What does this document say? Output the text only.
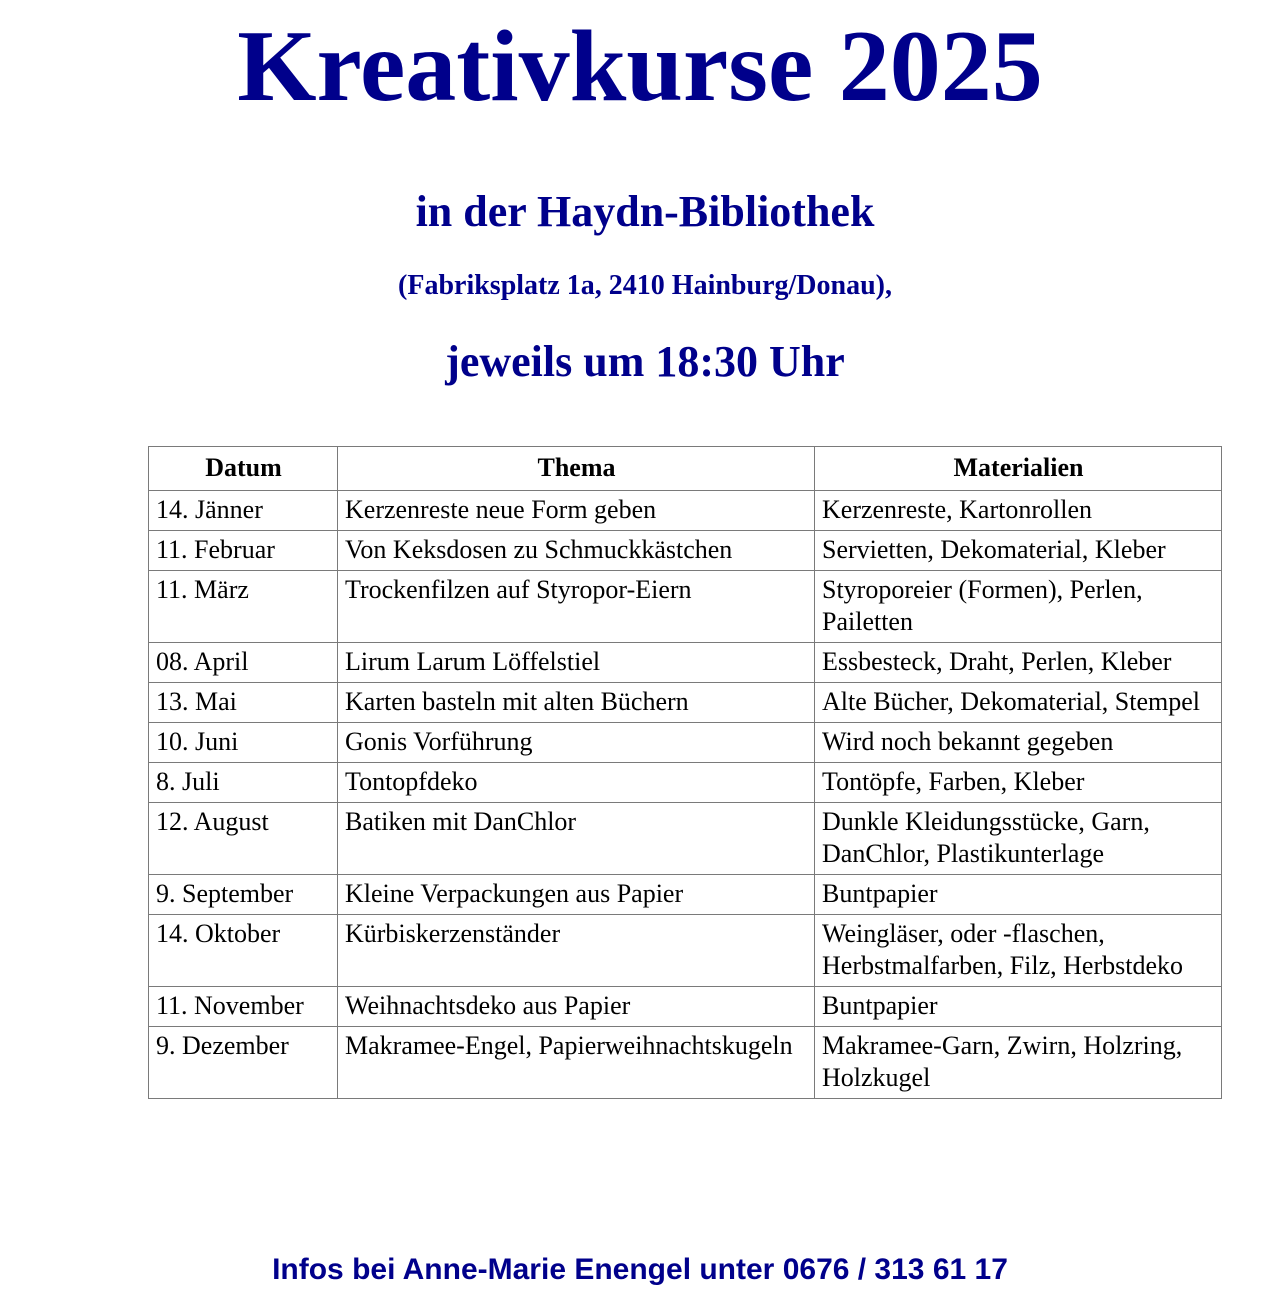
Kreativkurse 2025

in der Haydn-Bibliothek

(Fabriksplatz 1a, 2410 Hainburg/Donau),

jeweils um 18:30 Uhr

Datum	Thema	Materialien
14. Jänner	Kerzenreste neue Form geben	Kerzenreste, Kartonrollen
11. Februar	Von Keksdosen zu Schmuckkästchen	Servietten, Dekomaterial, Kleber
11. März	Trockenfilzen auf Styropor-Eiern	Styroporeier (Formen), Perlen, Pailetten
08. April	Lirum Larum Löffelstiel	Essbesteck, Draht, Perlen, Kleber
13. Mai	Karten basteln mit alten Büchern	Alte Bücher, Dekomaterial, Stempel
10. Juni	Gonis Vorführung	Wird noch bekannt gegeben
8. Juli	Tontopfdeko	Tontöpfe, Farben, Kleber
12. August	Batiken mit DanChlor	Dunkle Kleidungsstücke, Garn, DanChlor, Plastikunterlage
9. September	Kleine Verpackungen aus Papier	Buntpapier
14. Oktober	Kürbiskerzenständer	Weingläser, oder -flaschen, Herbstmalfarben, Filz, Herbstdeko
11. November	Weihnachtsdeko aus Papier	Buntpapier
9. Dezember	Makramee-Engel, Papierweihnachtskugeln	Makramee-Garn, Zwirn, Holzring, Holzkugel

Infos bei Anne-Marie Enengel unter 0676 / 313 61 17
